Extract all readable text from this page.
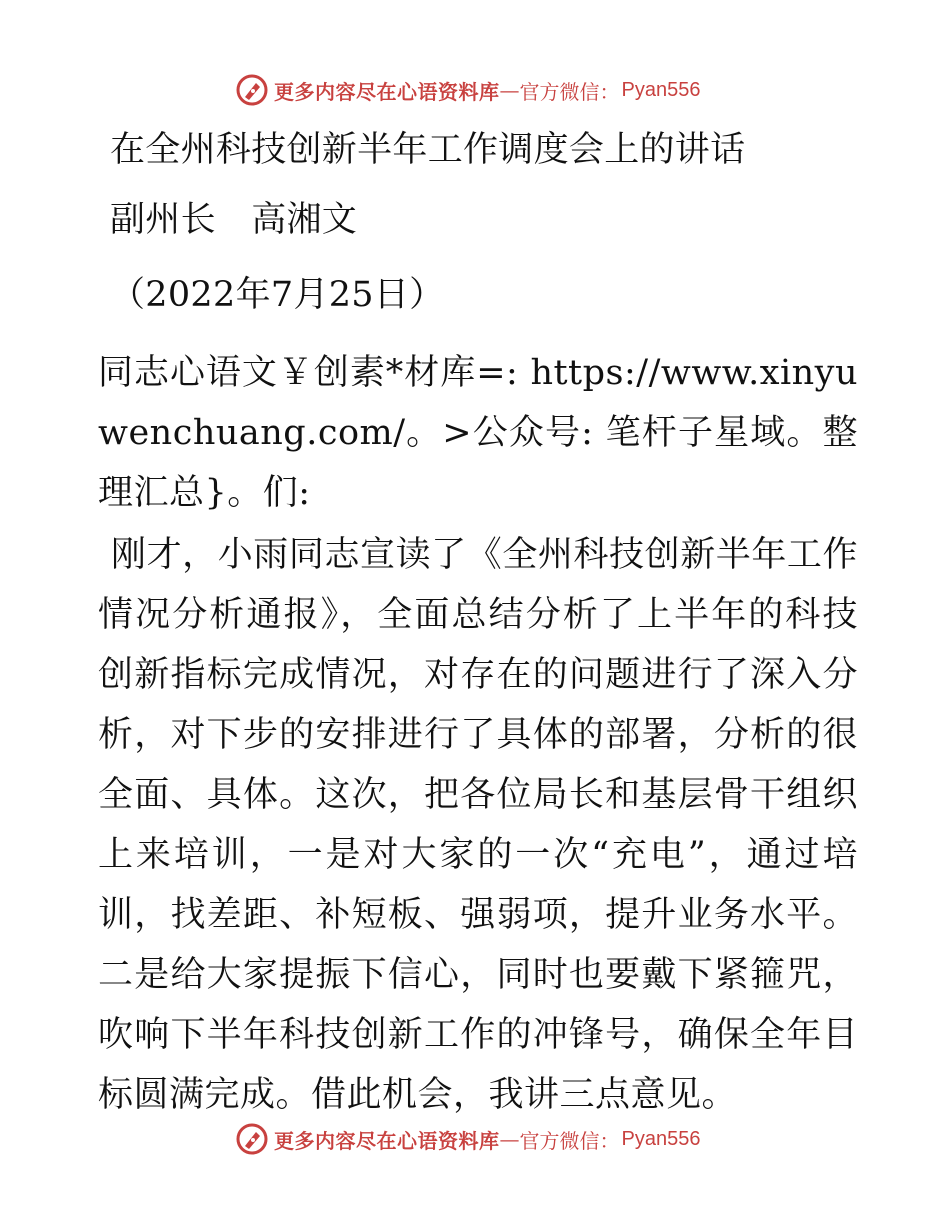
更多内容尽在心语资料库 — 官方微信： Pyan556
在全州科技创新半年工作调度会上的讲话
副州长　高湘文
（2022年7月25日）
同志心语文￥创素*材库=: https://www.xinyuwenchuang.com/。>公众号: 笔杆子星域。整理汇总}。们:
刚才，小雨同志宣读了《全州科技创新半年工作情况分析通报》，全面总结分析了上半年的科技创新指标完成情况，对存在的问题进行了深入分析，对下步的安排进行了具体的部署，分析的很全面、具体。这次，把各位局长和基层骨干组织上来培训，一是对大家的一次“充电”，通过培训，找差距、补短板、强弱项，提升业务水平。二是给大家提振下信心，同时也要戴下紧箍咒，吹响下半年科技创新工作的冲锋号，确保全年目标圆满完成。借此机会，我讲三点意见。
更多内容尽在心语资料库 — 官方微信： Pyan556
